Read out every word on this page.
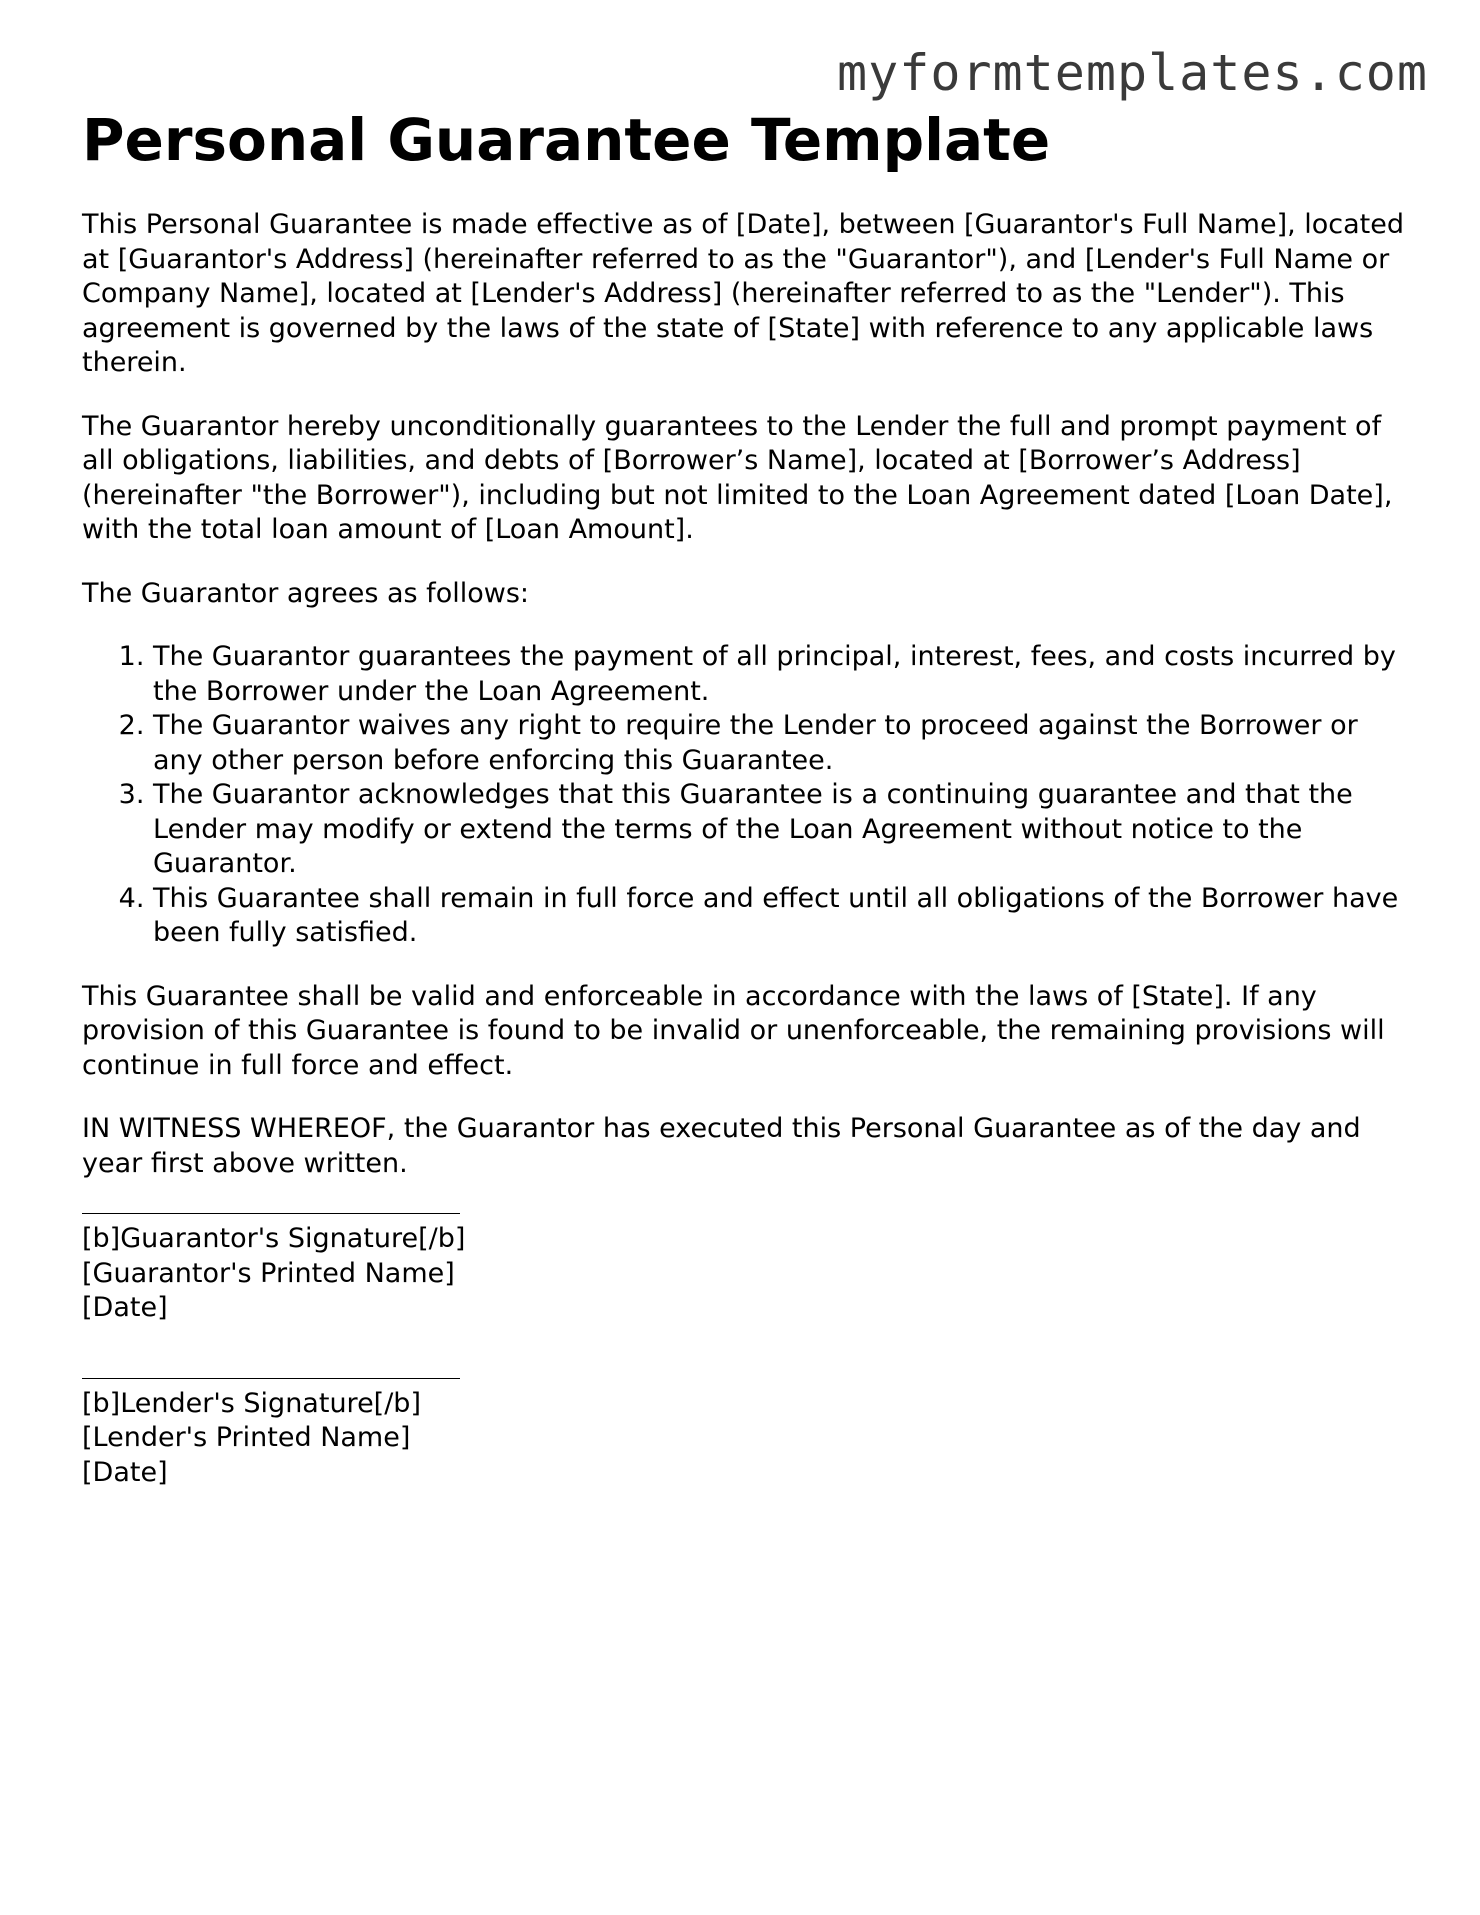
myformtemplates.com
Personal Guarantee Template

This Personal Guarantee is made effective as of [Date], between [Guarantor's Full Name], located at [Guarantor's Address] (hereinafter referred to as the "Guarantor"), and [Lender's Full Name or Company Name], located at [Lender's Address] (hereinafter referred to as the "Lender"). This agreement is governed by the laws of the state of [State] with reference to any applicable laws therein.

The Guarantor hereby unconditionally guarantees to the Lender the full and prompt payment of all obligations, liabilities, and debts of [Borrower’s Name], located at [Borrower’s Address] (hereinafter "the Borrower"), including but not limited to the Loan Agreement dated [Loan Date], with the total loan amount of [Loan Amount].

The Guarantor agrees as follows:

1. The Guarantor guarantees the payment of all principal, interest, fees, and costs incurred by the Borrower under the Loan Agreement.
2. The Guarantor waives any right to require the Lender to proceed against the Borrower or any other person before enforcing this Guarantee.
3. The Guarantor acknowledges that this Guarantee is a continuing guarantee and that the Lender may modify or extend the terms of the Loan Agreement without notice to the Guarantor.
4. This Guarantee shall remain in full force and effect until all obligations of the Borrower have been fully satisfied.

This Guarantee shall be valid and enforceable in accordance with the laws of [State]. If any provision of this Guarantee is found to be invalid or unenforceable, the remaining provisions will continue in full force and effect.

IN WITNESS WHEREOF, the Guarantor has executed this Personal Guarantee as of the day and year first above written.

[b]Guarantor's Signature[/b]
[Guarantor's Printed Name]
[Date]
[b]Lender's Signature[/b]
[Lender's Printed Name]
[Date]
